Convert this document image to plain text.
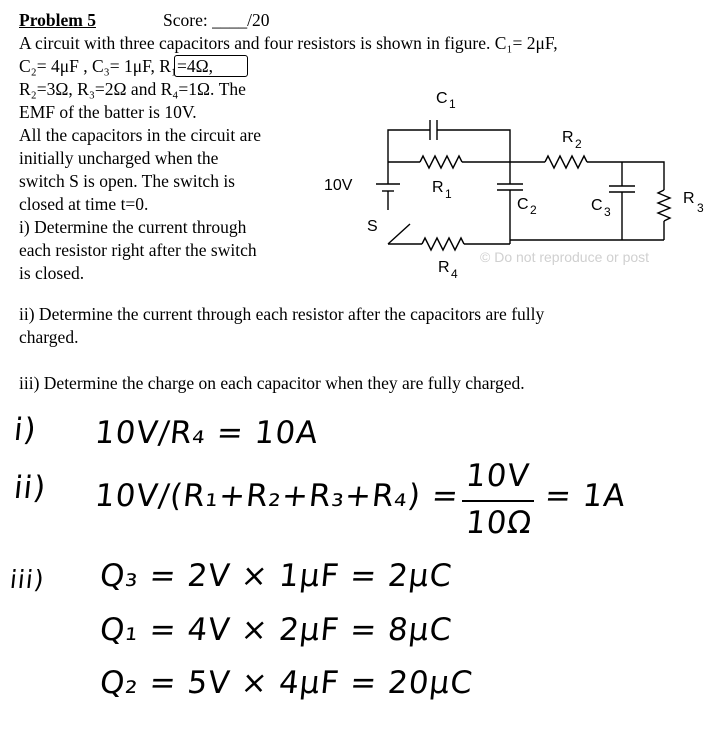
Problem 5	Score: ____/20
A circuit with three capacitors and four resistors is shown in figure. C₁= 2μF,
C₂= 4μF , C₃= 1μF, R₁=4Ω,
R₂=3Ω, R₃=2Ω and R₄=1Ω. The
EMF of the batter is 10V.
All the capacitors in the circuit are
initially uncharged when the
switch S is open. The switch is
closed at time t=0.
i) Determine the current through
each resistor right after the switch
is closed.
ii) Determine the current through each resistor after the capacitors are fully
charged.
iii) Determine the charge on each capacitor when they are fully charged.
© Do not reproduce or post
C 1
R 1
10V
S
R 4
C 2
R 2
C 3
R
3
i) 10V/R₄ = 10A
ii) 10V/(R₁+R₂+R₃+R₄) =
10V
10Ω
= 1A
iii) Q₃ = 2V × 1μF = 2μC
Q₁ = 4V × 2μF = 8μC
Q₂ = 5V × 4μF = 20μC
